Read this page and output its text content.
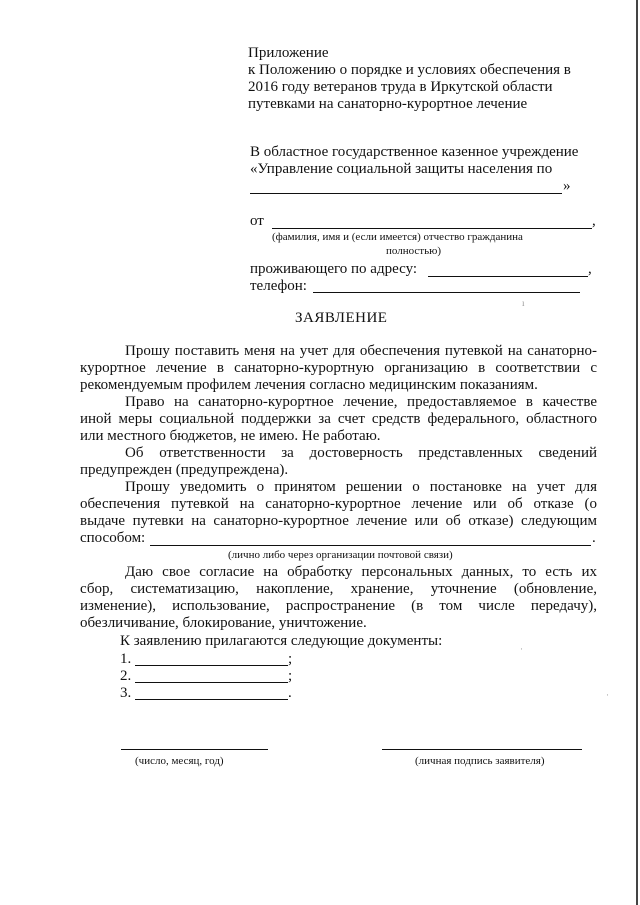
Приложение
к Положению о порядке и условиях обеспечения в
2016 году ветеранов труда в Иркутской области
путевками на санаторно-курортное лечение
В областное государственное казенное учреждение
«Управление социальной защиты населения по
»
от	,
(фамилия, имя и (если имеется) отчество гражданина
полностью)
проживающего по адресу:	,
телефон:
ЗАЯВЛЕНИЕ
Прошу поставить меня на учет для обеспечения путевкой на санаторно-
курортное лечение в санаторно-курортную организацию в соответствии с
рекомендуемым профилем лечения согласно медицинским показаниям.
Право на санаторно-курортное лечение, предоставляемое в качестве
иной меры социальной поддержки за счет средств федерального, областного
или местного бюджетов, не имею. Не работаю.
Об ответственности за достоверность представленных сведений
предупрежден (предупреждена).
Прошу уведомить о принятом решении о постановке на учет для
обеспечения путевкой на санаторно-курортное лечение или об отказе (о
выдаче путевки на санаторно-курортное лечение или об отказе) следующим
способом:	.
(лично либо через организации почтовой связи)
Даю свое согласие на обработку персональных данных, то есть их
сбор, систематизацию, накопление, хранение, уточнение (обновление,
изменение), использование, распространение (в том числе передачу),
обезличивание, блокирование, уничтожение.
К заявлению прилагаются следующие документы:
1.	;
2.	;
3.	.
(число, месяц, год)	(личная подпись заявителя)
ı
·
·
